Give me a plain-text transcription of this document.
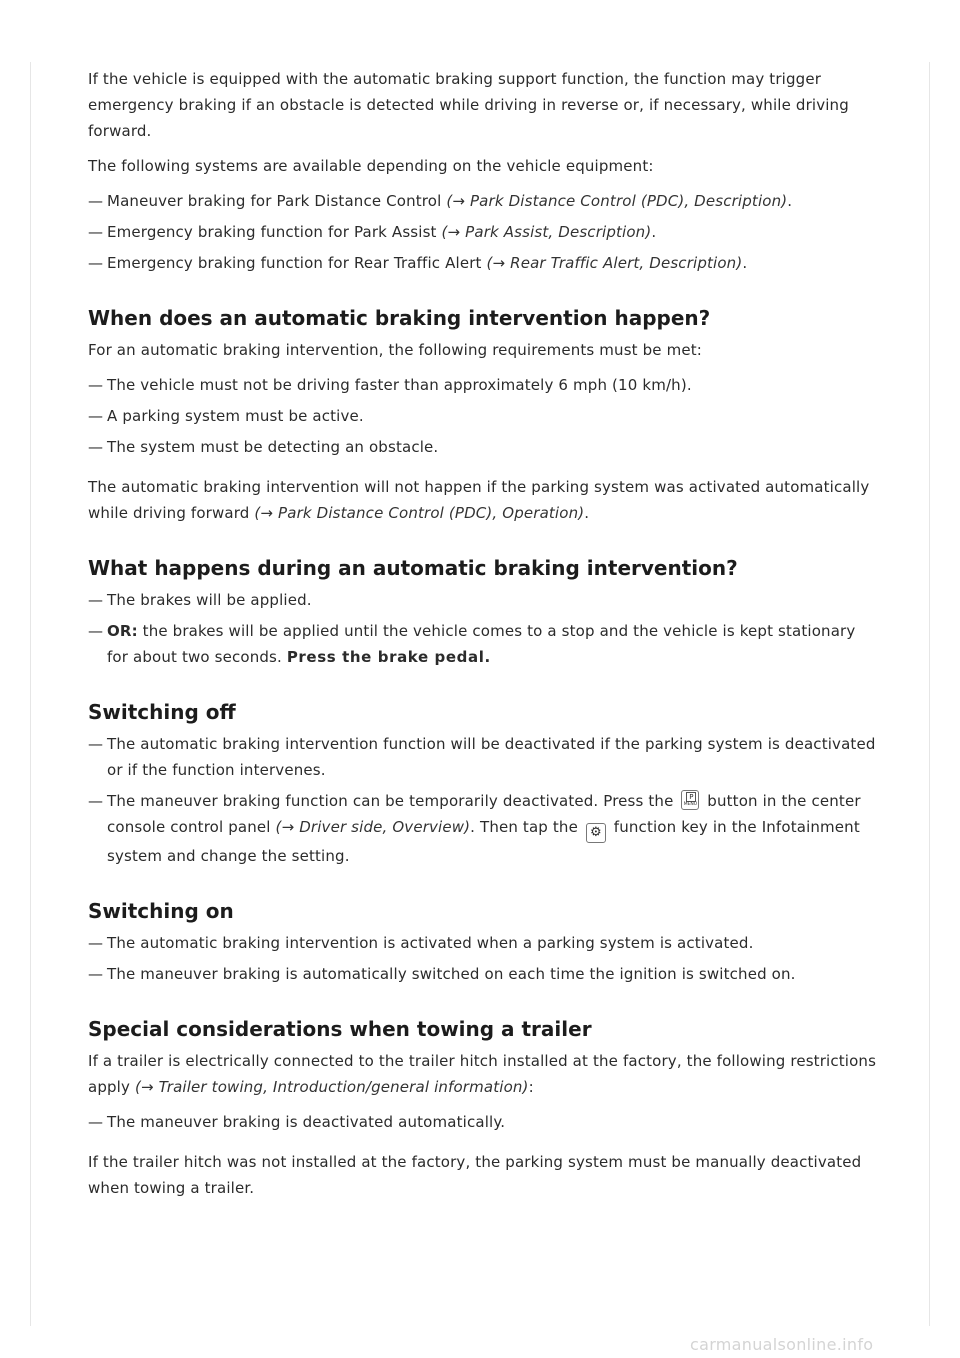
If the vehicle is equipped with the automatic braking support function, the function may trigger emergency braking if an obstacle is detected while driving in reverse or, if necessary, while driving forward.

The following systems are available depending on the vehicle equipment:

— Maneuver braking for Park Distance Control (→ Park Distance Control (PDC), Description).
— Emergency braking function for Park Assist (→ Park Assist, Description).
— Emergency braking function for Rear Traffic Alert (→ Rear Traffic Alert, Description).
When does an automatic braking intervention happen?

For an automatic braking intervention, the following requirements must be met:

— The vehicle must not be driving faster than approximately 6 mph (10 km/h).
— A parking system must be active.
— The system must be detecting an obstacle.

The automatic braking intervention will not happen if the parking system was activated automatically while driving forward (→ Park Distance Control (PDC), Operation).

What happens during an automatic braking intervention?
— The brakes will be applied.
— OR: the brakes will be applied until the vehicle comes to a stop and the vehicle is kept stationary for about two seconds. Press the brake pedal.
Switching off
— The automatic braking intervention function will be deactivated if the parking system is deactivated or if the function intervenes.
— The maneuver braking function can be temporarily deactivated. Press the	P
MENU button in the center console control panel (→ Driver side, Overview). Then tap the ⚙ function key in the Infotainment system and change the setting.
Switching on
— The automatic braking intervention is activated when a parking system is activated.
— The maneuver braking is automatically switched on each time the ignition is switched on.
Special considerations when towing a trailer

If a trailer is electrically connected to the trailer hitch installed at the factory, the following restrictions apply (→ Trailer towing, Introduction/general information):

— The maneuver braking is deactivated automatically.

If the trailer hitch was not installed at the factory, the parking system must be manually deactivated when towing a trailer.

carmanualsonline.info
